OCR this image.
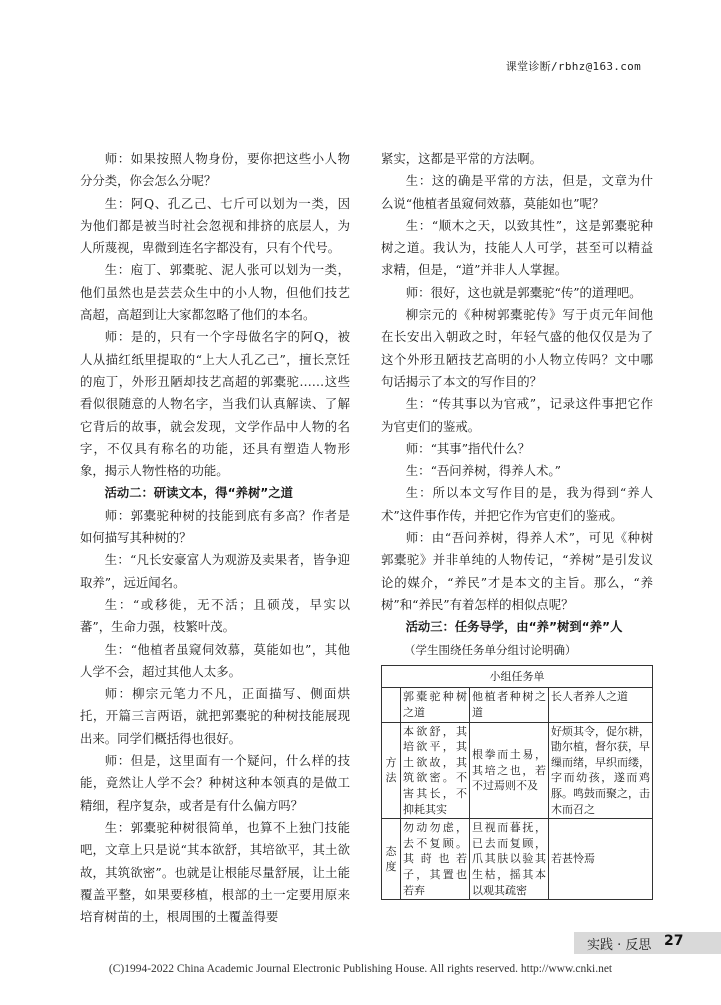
课堂诊断/rbhz@163.com

师：如果按照人物身份，要你把这些小人物分分类，你会怎么分呢？

生：阿Q、孔乙己、七斤可以划为一类，因为他们都是被当时社会忽视和排挤的底层人，为人所蔑视，卑微到连名字都没有，只有个代号。

生：庖丁、郭橐驼、泥人张可以划为一类，他们虽然也是芸芸众生中的小人物，但他们技艺高超，高超到让大家都忽略了他们的本名。

师：是的，只有一个字母做名字的阿Q，被人从描红纸里提取的“上大人孔乙己”，擅长烹饪的庖丁，外形丑陋却技艺高超的郭橐驼……这些看似很随意的人物名字，当我们认真解读、了解它背后的故事，就会发现，文学作品中人物的名字，不仅具有称名的功能，还具有塑造人物形象，揭示人物性格的功能。

活动二：研读文本，得“养树”之道

师：郭橐驼种树的技能到底有多高？作者是如何描写其种树的？

生：“凡长安豪富人为观游及卖果者，皆争迎取养”，远近闻名。

生：“或移徙，无不活；且硕茂，早实以蕃”，生命力强，枝繁叶茂。

生：“他植者虽窥伺效慕，莫能如也”，其他人学不会，超过其他人太多。

师：柳宗元笔力不凡，正面描写、侧面烘托，开篇三言两语，就把郭橐驼的种树技能展现出来。同学们概括得也很好。

师：但是，这里面有一个疑问，什么样的技能，竟然让人学不会？种树这种本领真的是做工精细，程序复杂，或者是有什么偏方吗？

生：郭橐驼种树很简单，也算不上独门技能吧，文章上只是说“其本欲舒，其培欲平，其土欲故，其筑欲密”。也就是让根能尽量舒展，让土能覆盖平整，如果要移植，根部的土一定要用原来培育树苗的土，根周围的土覆盖得要

紧实，这都是平常的方法啊。

生：这的确是平常的方法，但是，文章为什么说“他植者虽窥伺效慕，莫能如也”呢？

生：“顺木之天，以致其性”，这是郭橐驼种树之道。我认为，技能人人可学，甚至可以精益求精，但是，“道”并非人人掌握。

师：很好，这也就是郭橐驼“传”的道理吧。

柳宗元的《种树郭橐驼传》写于贞元年间他在长安出入朝政之时，年轻气盛的他仅仅是为了这个外形丑陋技艺高明的小人物立传吗？文中哪句话揭示了本文的写作目的？

生：“传其事以为官戒”，记录这件事把它作为官吏们的鉴戒。

师：“其事”指代什么？

生：“吾问养树，得养人术。”

生：所以本文写作目的是，我为得到“养人术”这件事作传，并把它作为官吏们的鉴戒。

师：由“吾问养树，得养人术”，可见《种树郭橐驼》并非单纯的人物传记，“养树”是引发议论的媒介，“养民”才是本文的主旨。那么，“养树”和“养民”有着怎样的相似点呢？

活动三：任务导学，由“养”树到“养”人

（学生围绕任务单分组讨论明确）

小组任务单			
	郭橐驼种树之道	他植者种树之道	长人者养人之道
方法	本欲舒，其培欲平，其土欲故，其筑欲密。不害其长，不抑耗其实	根拳而土易，其培之也，若不过焉则不及	好烦其令，促尔耕，勖尔植，督尔获，早缫而绪，早织而缕，字而幼孩，遂而鸡豚。鸣鼓而聚之，击木而召之
态度	勿动勿虑，去不复顾。其莳也若子，其置也若弃	旦视而暮抚，已去而复顾，爪其肤以验其生枯，摇其本以观其疏密	若甚怜焉
实践 · 反思 27
(C)1994-2022 China Academic Journal Electronic Publishing House. All rights reserved. http://www.cnki.net
